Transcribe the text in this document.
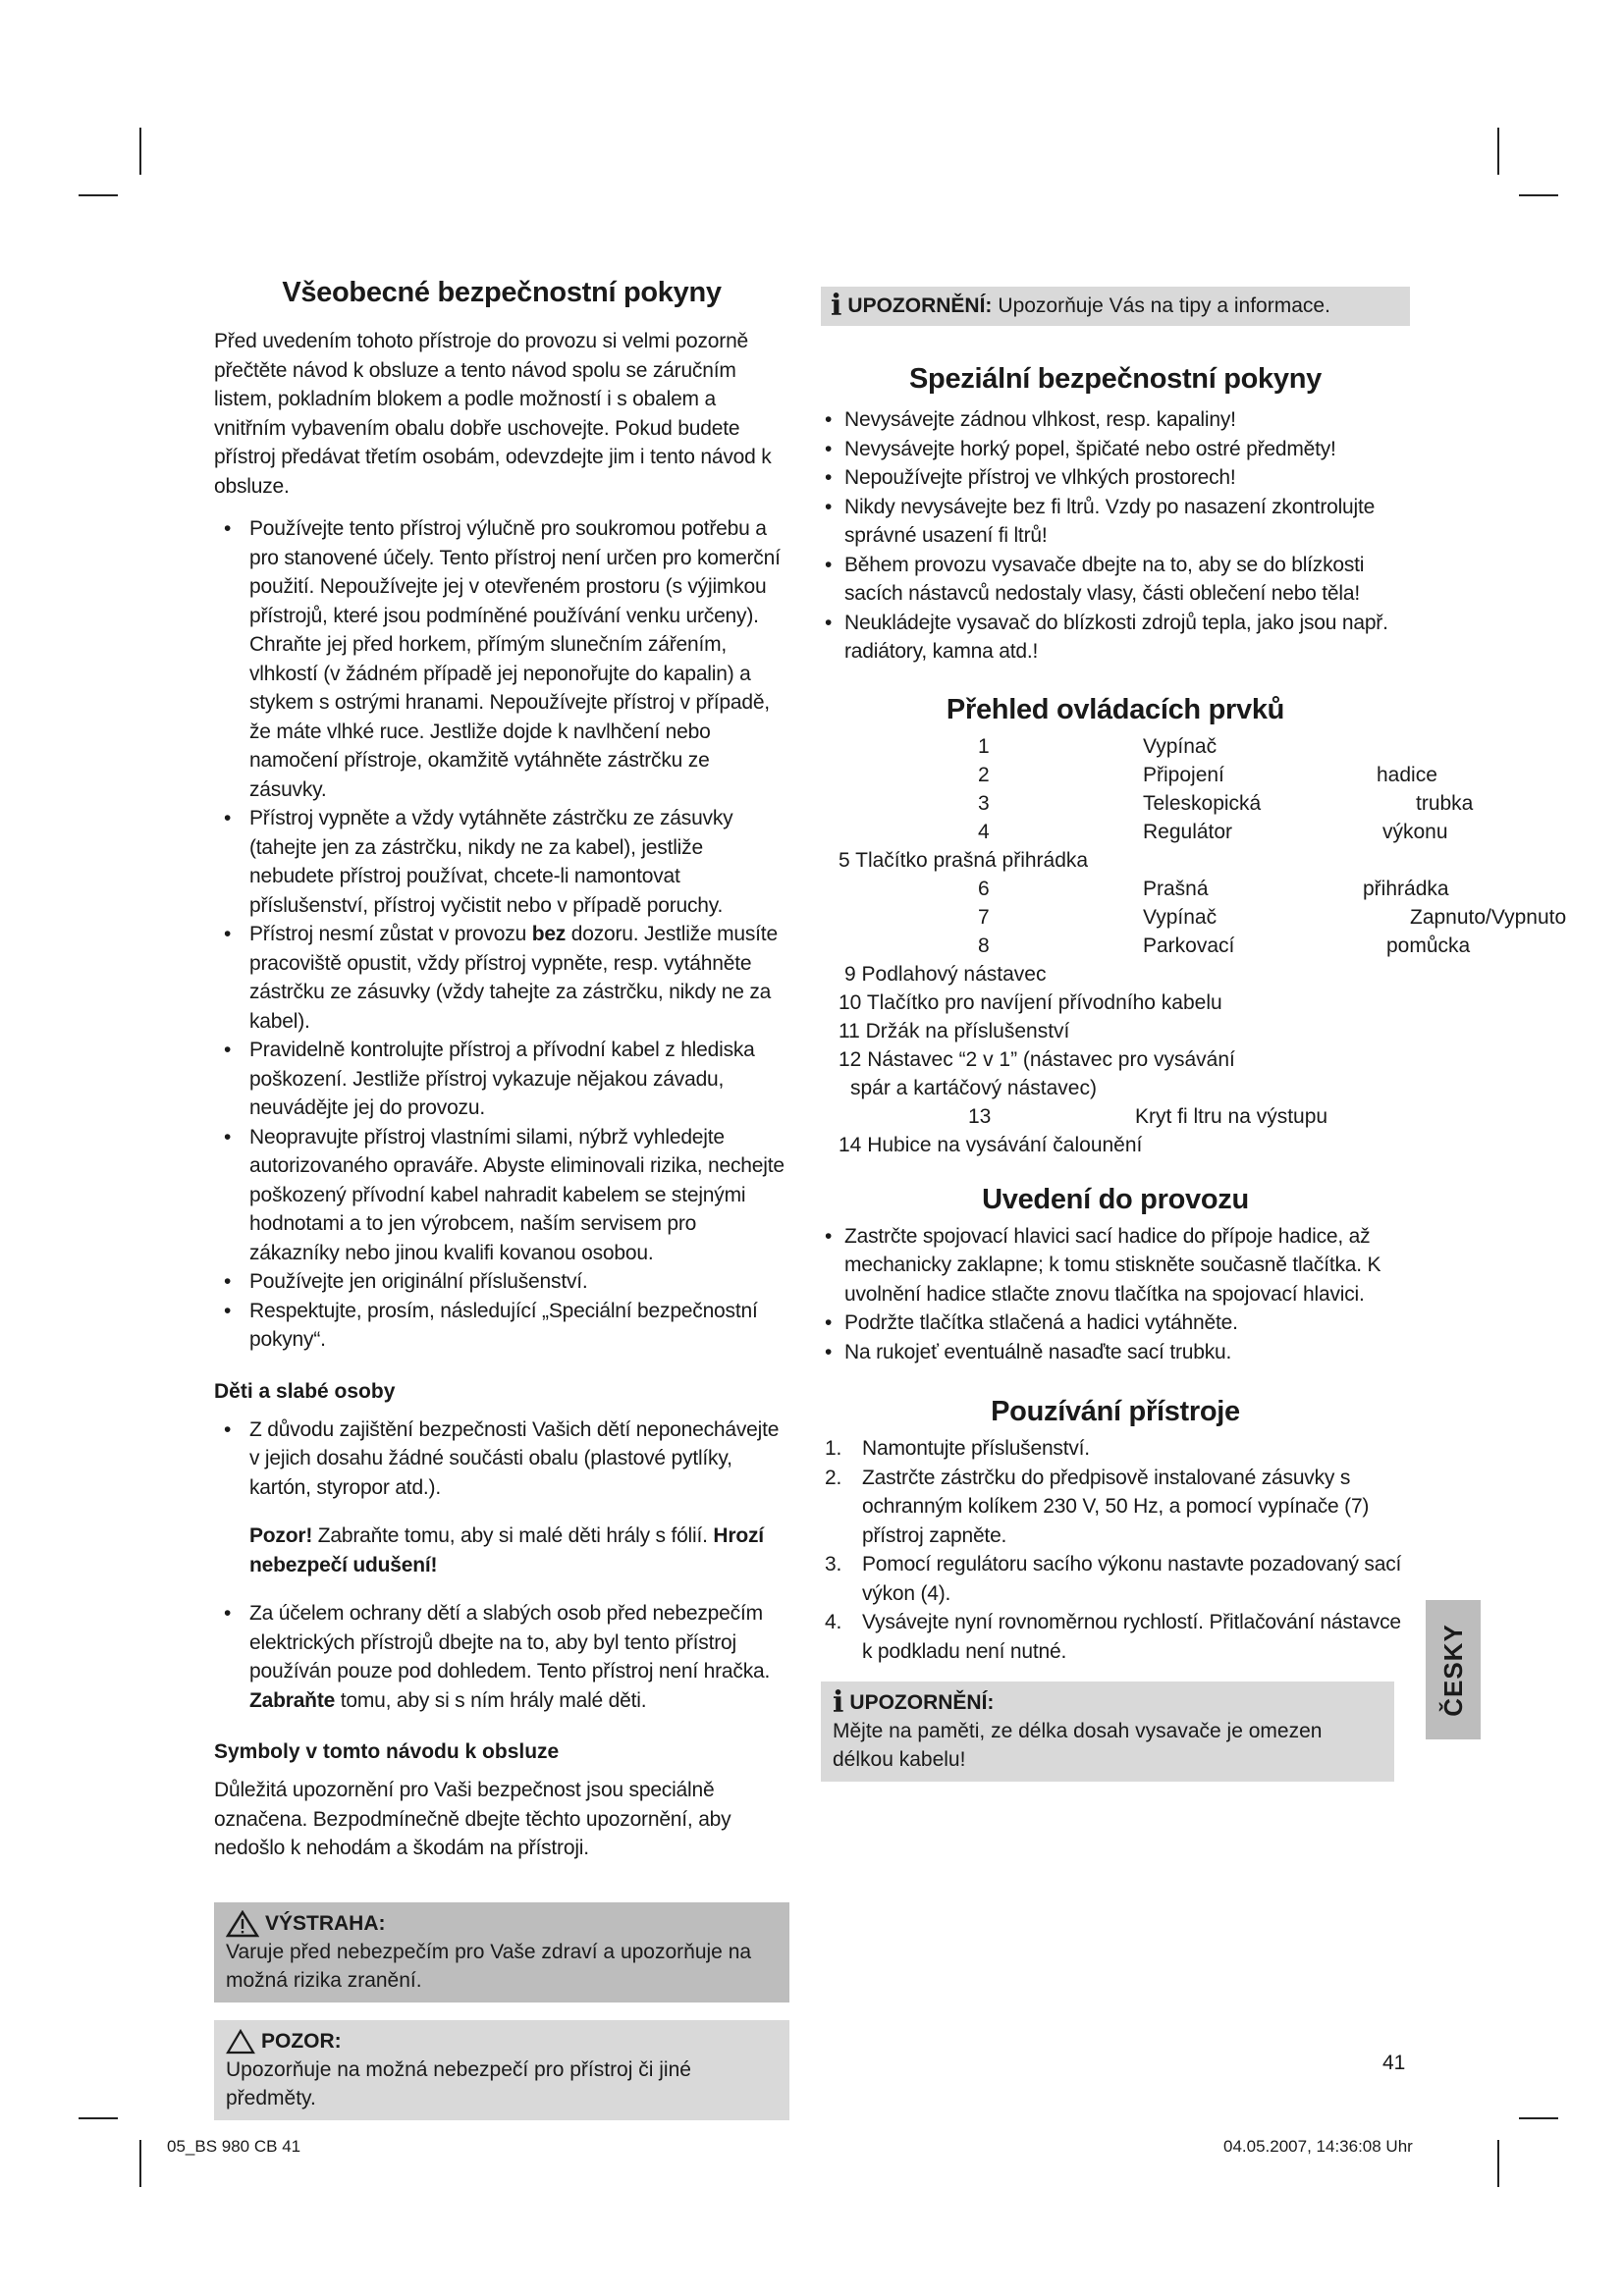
Všeobecné bezpečnostní pokyny

Před uvedením tohoto přístroje do provozu si velmi pozorně přečtěte návod k obsluze a tento návod spolu se záručním listem, pokladním blokem a podle možností i s obalem a vnitřním vybavením obalu dobře uschovejte. Pokud budete přístroj předávat třetím osobám, odevzdejte jim i tento návod k obsluze.

• Používejte tento přístroj výlučně pro soukromou potřebu a pro stanovené účely. Tento přístroj není určen pro komerční použití. Nepoužívejte jej v otevřeném prostoru (s výjimkou přístrojů, které jsou podmíněné používání venku určeny). Chraňte jej před horkem, přímým slunečním zářením, vlhkostí (v žádném případě jej neponořujte do kapalin) a stykem s ostrými hranami. Nepoužívejte přístroj v případě, že máte vlhké ruce. Jestliže dojde k navlhčení nebo namočení přístroje, okamžitě vytáhněte zástrčku ze zásuvky.
• Přístroj vypněte a vždy vytáhněte zástrčku ze zásuvky (tahejte jen za zástrčku, nikdy ne za kabel), jestliže nebudete přístroj používat, chcete-li namontovat příslušenství, přístroj vyčistit nebo v případě poruchy.
• Přístroj nesmí zůstat v provozu bez dozoru. Jestliže musíte pracoviště opustit, vždy přístroj vypněte, resp. vytáhněte zástrčku ze zásuvky (vždy tahejte za zástrčku, nikdy ne za kabel).
• Pravidelně kontrolujte přístroj a přívodní kabel z hlediska poškození. Jestliže přístroj vykazuje nějakou závadu, neuvádějte jej do provozu.
• Neopravujte přístroj vlastními silami, nýbrž vyhledejte autorizovaného opraváře. Abyste eliminovali rizika, nechejte poškozený přívodní kabel nahradit kabelem se stejnými hodnotami a to jen výrobcem, naším servisem pro zákazníky nebo jinou kvalifi kovanou osobou.
• Používejte jen originální příslušenství.
• Respektujte, prosím, následující „Speciální bezpečnostní pokyny“.
Děti a slabé osoby
• Z důvodu zajištění bezpečnosti Vašich dětí neponechávejte v jejich dosahu žádné součásti obalu (plastové pytlíky, kartón, styropor atd.).

Pozor! Zabraňte tomu, aby si malé děti hrály s fólií. Hrozí nebezpečí udušení!

• Za účelem ochrany dětí a slabých osob před nebezpečím elektrických přístrojů dbejte na to, aby byl tento přístroj používán pouze pod dohledem. Tento přístroj není hračka. Zabraňte tomu, aby si s ním hrály malé děti.
Symboly v tomto návodu k obsluze

Důležitá upozornění pro Vaši bezpečnost jsou speciálně označena. Bezpodmínečně dbejte těchto upozornění, aby nedošlo k nehodám a škodám na přístroji.

VÝSTRAHA:
Varuje před nebezpečím pro Vaše zdraví a upozorňuje na možná rizika zranění.
POZOR:
Upozorňuje na možná nebezpečí pro přístroj či jiné předměty.
i UPOZORNĚNÍ: Upozorňuje Vás na tipy a informace.
Speziální bezpečnostní pokyny
• Nevysávejte zádnou vlhkost, resp. kapaliny!
• Nevysávejte horký popel, špičaté nebo ostré předměty!
• Nepoužívejte přístroj ve vlhkých prostorech!
• Nikdy nevysávejte bez fi ltrů. Vzdy po nasazení zkontrolujte správné usazení fi ltrů!
• Během provozu vysavače dbejte na to, aby se do blízkosti sacích nástavců nedostaly vlasy, části oblečení nebo těla!
• Neukládejte vysavač do blízkosti zdrojů tepla, jako jsou např. radiátory, kamna atd.!
Přehled ovládacích prvků
1	Vypínač
2	Připojení	hadice
3	Teleskopická	trubka
4	Regulátor	výkonu
5 Tlačítko prašná přihrádka
6	Prašná	přihrádka
7	Vypínač	Zapnuto/Vypnuto
8	Parkovací	pomůcka
9 Podlahový nástavec
10 Tlačítko pro navíjení přívodního kabelu
11 Držák na příslušenství
12 Nástavec “2 v 1” (nástavec pro vysávání
spár a kartáčový nástavec)
13	Kryt fi ltru na výstupu
14 Hubice na vysávání čalounění
Uvedení do provozu
• Zastrčte spojovací hlavici sací hadice do přípoje hadice, až mechanicky zaklapne; k tomu stiskněte současně tlačítka. K uvolnění hadice stlačte znovu tlačítka na spojovací hlavici.
• Podržte tlačítka stlačená a hadici vytáhněte.
• Na rukojeť eventuálně nasaďte sací trubku.
Pouzívání přístroje
1. Namontujte příslušenství.
2. Zastrčte zástrčku do předpisově instalované zásuvky s ochranným kolíkem 230 V, 50 Hz, a pomocí vypínače (7) přístroj zapněte.
3. Pomocí regulátoru sacího výkonu nastavte pozadovaný sací výkon (4).
4. Vysávejte nyní rovnoměrnou rychlostí. Přitlačování nástavce k podkladu není nutné.
i UPOZORNĚNÍ:
Mějte na paměti, ze délka dosah vysavače je omezen délkou kabelu!
ČESKY
41
05_BS 980 CB 41	04.05.2007, 14:36:08 Uhr
